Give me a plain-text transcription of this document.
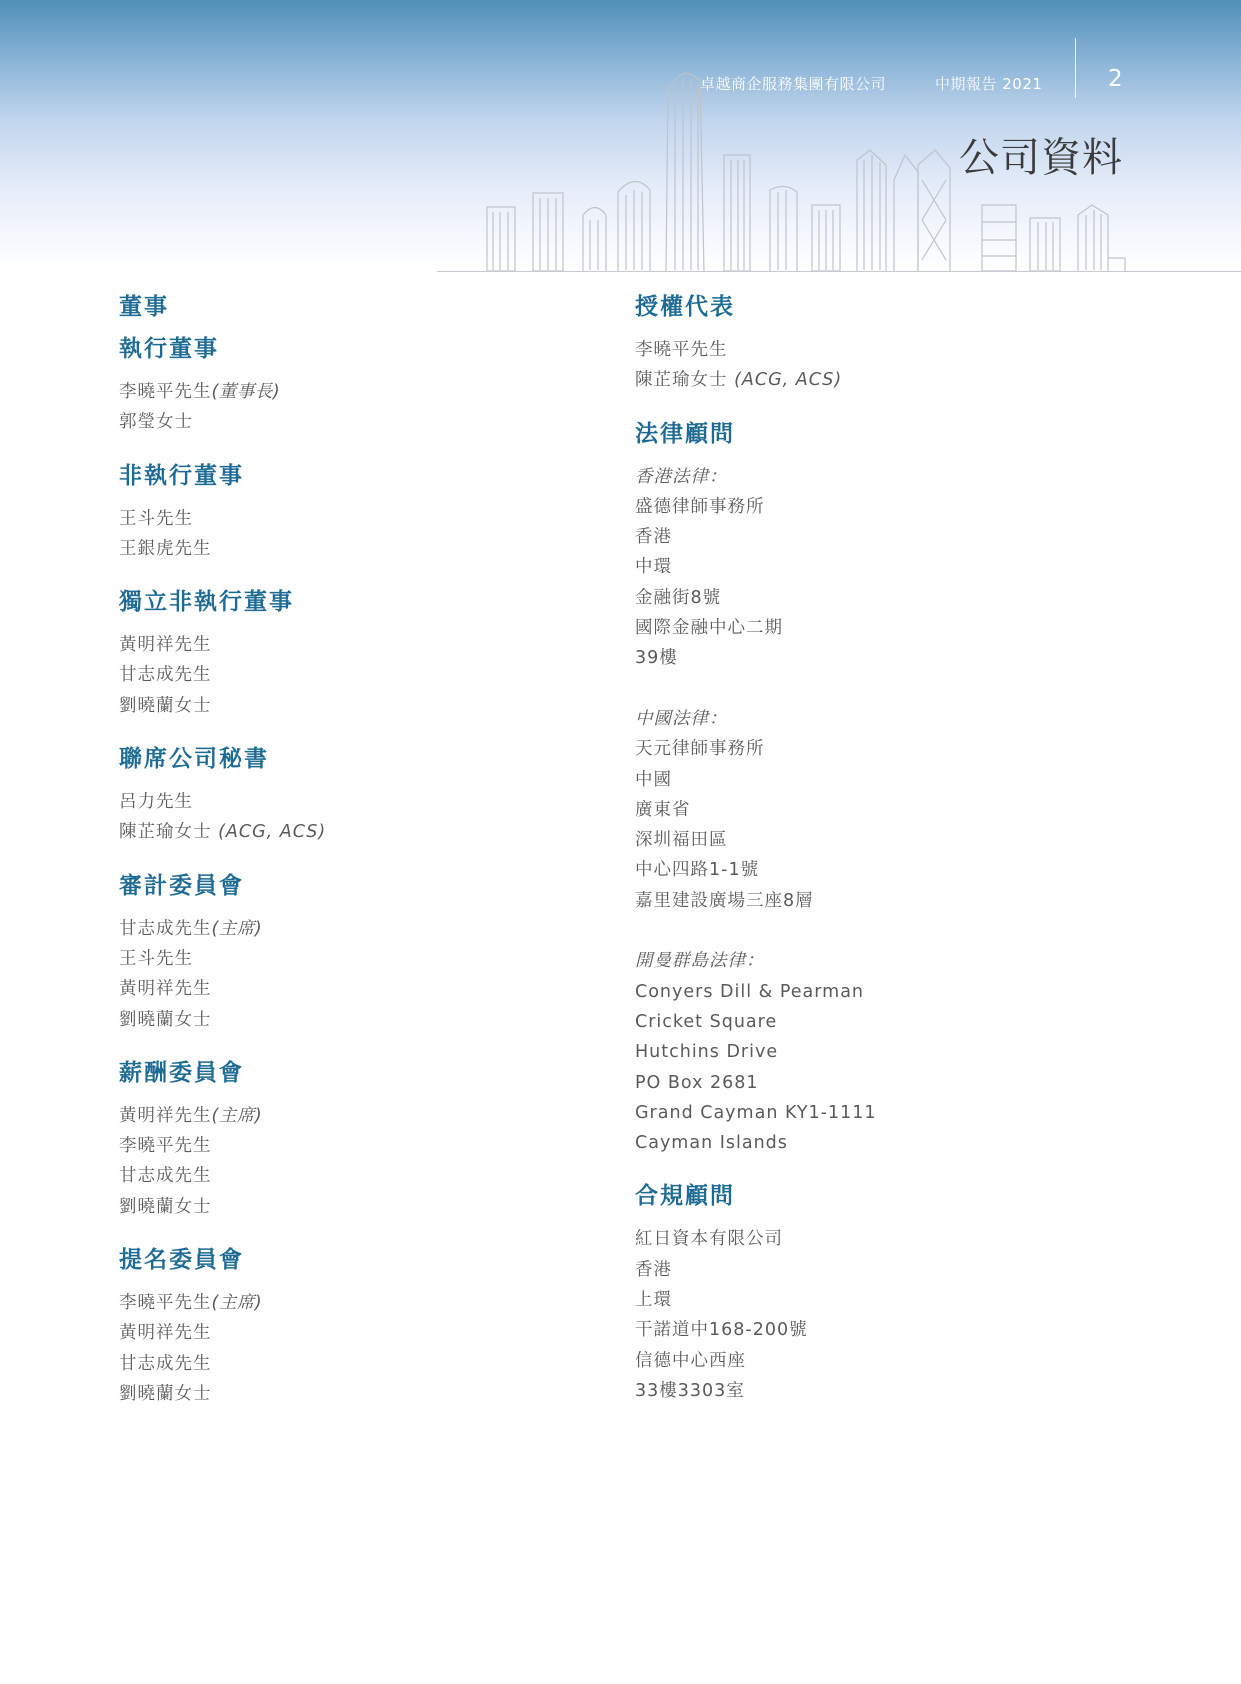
卓越商企服務集團有限公司	中期報告 2021	2
公司資料
董事
執行董事
李曉平先生(董事長)
郭瑩女士
非執行董事
王斗先生
王銀虎先生
獨立非執行董事
黃明祥先生
甘志成先生
劉曉蘭女士
聯席公司秘書
呂力先生
陳芷瑜女士 (ACG, ACS)
審計委員會
甘志成先生(主席)
王斗先生
黃明祥先生
劉曉蘭女士
薪酬委員會
黃明祥先生(主席)
李曉平先生
甘志成先生
劉曉蘭女士
提名委員會
李曉平先生(主席)
黃明祥先生
甘志成先生
劉曉蘭女士
授權代表
李曉平先生
陳芷瑜女士 (ACG, ACS)
法律顧問
香港法律：
盛德律師事務所
香港
中環
金融街8號
國際金融中心二期
39樓
中國法律：
天元律師事務所
中國
廣東省
深圳福田區
中心四路1-1號
嘉里建設廣場三座8層
開曼群島法律：
Conyers Dill & Pearman
Cricket Square
Hutchins Drive
PO Box 2681
Grand Cayman KY1-1111
Cayman Islands
合規顧問
紅日資本有限公司
香港
上環
干諾道中168-200號
信德中心西座
33樓3303室
